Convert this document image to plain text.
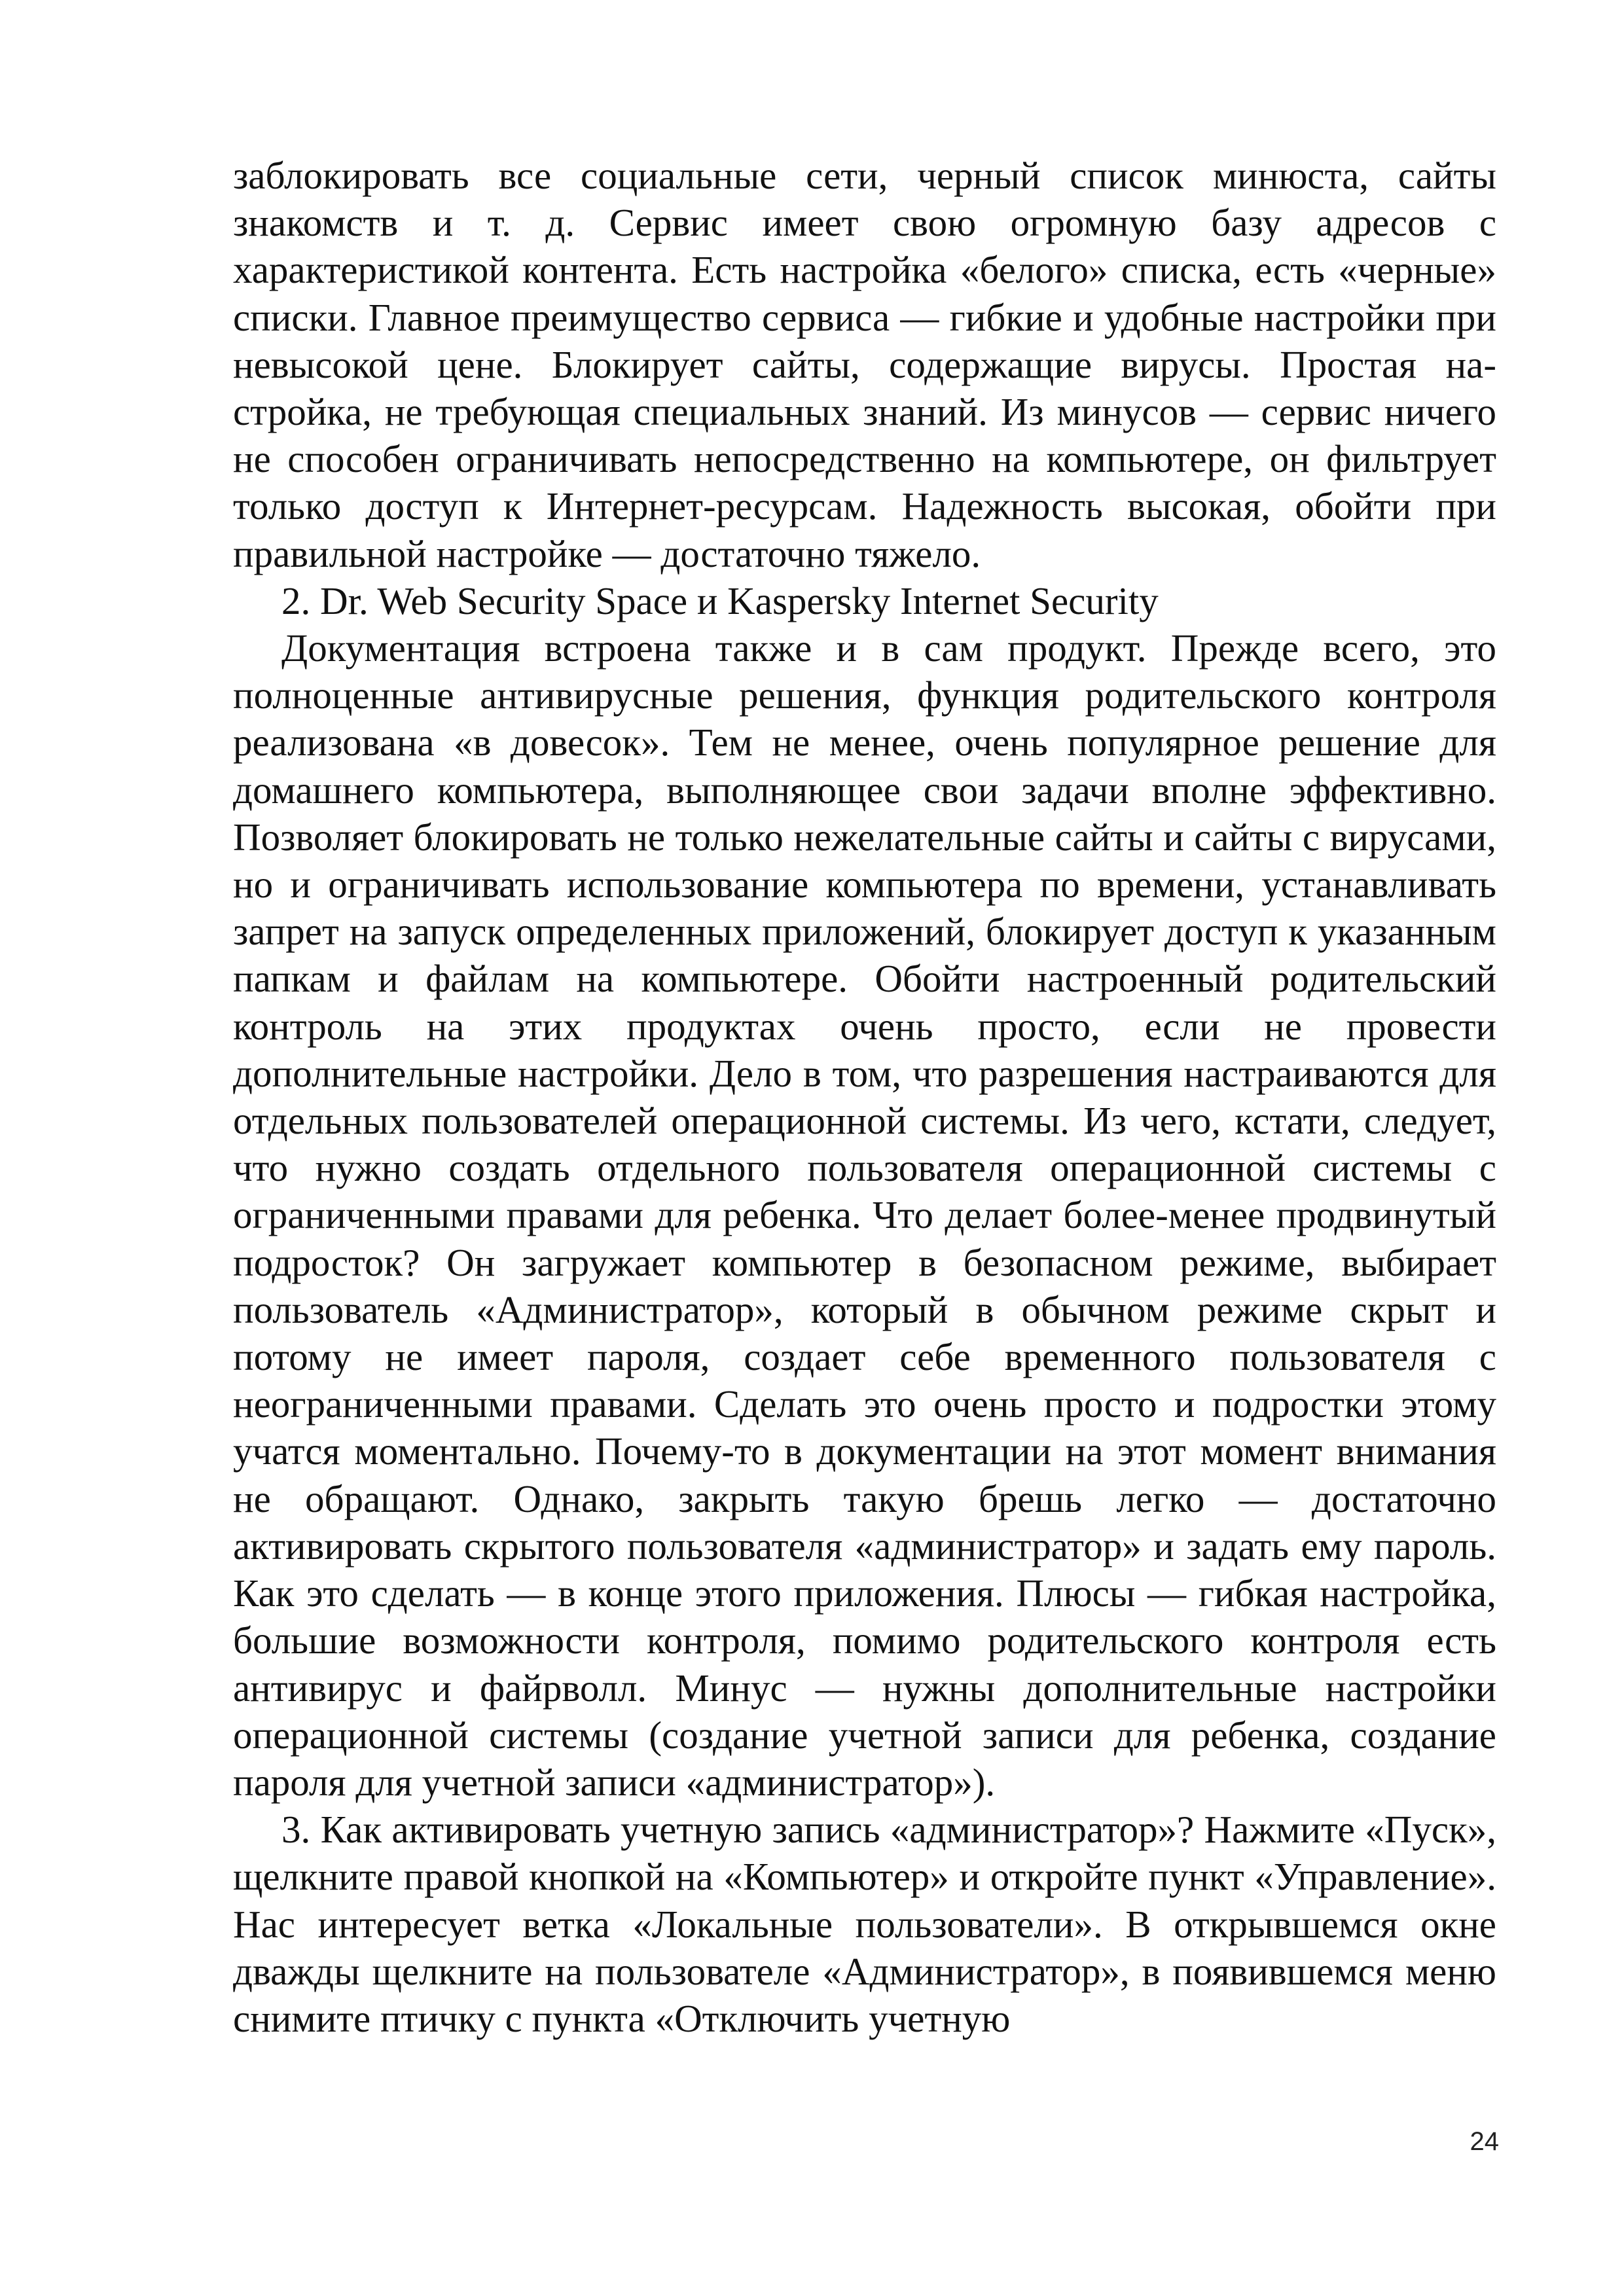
заблокировать все социальные сети, черный список минюста, сайты знакомств и т. д. Сервис имеет свою огромную базу адресов с характеристикой контента. Есть настройка «белого» списка, есть «черные» списки. Главное преимущество сервиса — гибкие и удобные настройки при невысокой цене. Блокирует сайты, содержащие вирусы. Простая на- стройка, не требующая специальных знаний. Из минусов — сервис ничего не способен ограничивать непосредственно на компьютере, он фильтрует только доступ к Интернет-ресурсам. Надежность высокая, обойти при правильной настройке — достаточно тяжело.

2. Dr. Web Security Space и Kaspersky Internet Security

Документация встроена также и в сам продукт. Прежде всего, это полноценные антивирусные решения, функция родительского контроля реализована «в довесок». Тем не менее, очень популярное решение для домашнего компьютера, выполняющее свои задачи вполне эффективно. Позволяет блокировать не только нежелательные сайты и сайты с вирусами, но и ограничивать использование компьютера по времени, устанавливать запрет на запуск определенных приложений, блокирует доступ к указанным папкам и файлам на компьютере. Обойти настроенный родительский контроль на этих продуктах очень просто, если не провести дополнительные настройки. Дело в том, что разрешения настраиваются для отдельных пользователей операционной системы. Из чего, кстати, следует, что нужно создать отдельного пользователя операционной системы с ограниченными правами для ребенка. Что делает более-менее продвинутый подросток? Он загружает компьютер в безопасном режиме, выбирает пользователь «Администратор», который в обычном режиме скрыт и потому не имеет пароля, создает себе временного пользователя с неограниченными правами. Сделать это очень просто и подростки этому учатся моментально. Почему-то в документации на этот момент внимания не обращают. Однако, закрыть такую брешь легко — достаточно активировать скрытого пользователя «администратор» и задать ему пароль. Как это сделать — в конце этого приложения. Плюсы — гибкая настройка, большие возможности контроля, помимо родительского контроля есть антивирус и файрволл. Минус — нужны дополнительные настройки операционной системы (создание учетной записи для ребенка, создание пароля для учетной записи «администратор»).

3. Как активировать учетную запись «администратор»? Нажмите «Пуск», щелкните правой кнопкой на «Компьютер» и откройте пункт «Управление». Нас интересует ветка «Локальные пользователи». В открывшемся окне дважды щелкните на пользователе «Администратор», в появившемся меню снимите птичку с пункта «Отключить учетную

24
